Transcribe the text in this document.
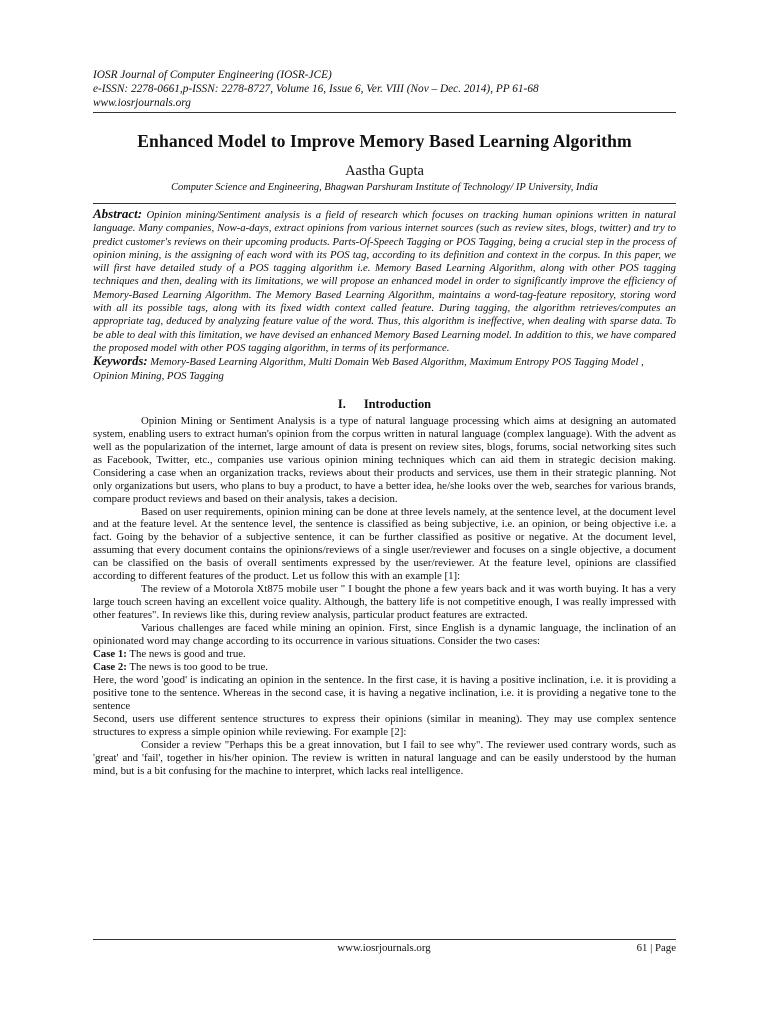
IOSR Journal of Computer Engineering (IOSR-JCE)
e-ISSN: 2278-0661,p-ISSN: 2278-8727, Volume 16, Issue 6, Ver. VIII (Nov – Dec. 2014), PP 61-68
www.iosrjournals.org
Enhanced Model to Improve Memory Based Learning Algorithm
Aastha Gupta
Computer Science and Engineering, Bhagwan Parshuram Institute of Technology/ IP University, India
Abstract: Opinion mining/Sentiment analysis is a field of research which focuses on tracking human opinions written in natural language. Many companies, Now-a-days, extract opinions from various internet sources (such as review sites, blogs, twitter) and try to predict customer's reviews on their upcoming products. Parts-Of-Speech Tagging or POS Tagging, being a crucial step in the process of opinion mining, is the assigning of each word with its POS tag, according to its definition and context in the corpus. In this paper, we will first have detailed study of a POS tagging algorithm i.e. Memory Based Learning Algorithm, along with other POS tagging techniques and then, dealing with its limitations, we will propose an enhanced model in order to significantly improve the efficiency of Memory-Based Learning Algorithm. The Memory Based Learning Algorithm, maintains a word-tag-feature repository, storing word with all its possible tags, along with its fixed width context called feature. During tagging, the algorithm retrieves/computes an appropriate tag, deduced by analyzing feature value of the word. Thus, this algorithm is ineffective, when dealing with sparse data. To be able to deal with this limitation, we have devised an enhanced Memory Based Learning model. In addition to this, we have compared the proposed model with other POS tagging algorithm, in terms of its performance.
Keywords: Memory-Based Learning Algorithm, Multi Domain Web Based Algorithm, Maximum Entropy POS Tagging Model , Opinion Mining, POS Tagging
I. Introduction

Opinion Mining or Sentiment Analysis is a type of natural language processing which aims at designing an automated system, enabling users to extract human's opinion from the corpus written in natural language (complex language). With the advent as well as the popularization of the internet, large amount of data is present on review sites, blogs, forums, social networking sites such as Facebook, Twitter, etc., companies use various opinion mining techniques which can aid them in strategic decision making. Considering a case when an organization tracks, reviews about their products and services, use them in their strategic planning. Not only organizations but users, who plans to buy a product, to have a better idea, he/she looks over the web, searches for various brands, compare product reviews and based on their analysis, takes a decision.

Based on user requirements, opinion mining can be done at three levels namely, at the sentence level, at the document level and at the feature level. At the sentence level, the sentence is classified as being subjective, i.e. an opinion, or being objective i.e. a fact. Going by the behavior of a subjective sentence, it can be further classified as positive or negative. At the document level, assuming that every document contains the opinions/reviews of a single user/reviewer and focuses on a single objective, a document can be classified on the basis of overall sentiments expressed by the user/reviewer. At the feature level, opinions are classified according to different features of the product. Let us follow this with an example [1]:

The review of a Motorola Xt875 mobile user " I bought the phone a few years back and it was worth buying. It has a very large touch screen having an excellent voice quality. Although, the battery life is not competitive enough, I was really impressed with other features". In reviews like this, during review analysis, particular product features are extracted.

Various challenges are faced while mining an opinion. First, since English is a dynamic language, the inclination of an opinionated word may change according to its occurrence in various situations. Consider the two cases:

Case 1: The news is good and true.

Case 2: The news is too good to be true.

Here, the word 'good' is indicating an opinion in the sentence. In the first case, it is having a positive inclination, i.e. it is providing a positive tone to the sentence. Whereas in the second case, it is having a negative inclination, i.e. it is providing a negative tone to the sentence

Second, users use different sentence structures to express their opinions (similar in meaning). They may use complex sentence structures to express a simple opinion while reviewing. For example [2]:

Consider a review "Perhaps this be a great innovation, but I fail to see why". The reviewer used contrary words, such as 'great' and 'fail', together in his/her opinion. The review is written in natural language and can be easily understood by the human mind, but is a bit confusing for the machine to interpret, which lacks real intelligence.

www.iosrjournals.org	61 | Page
